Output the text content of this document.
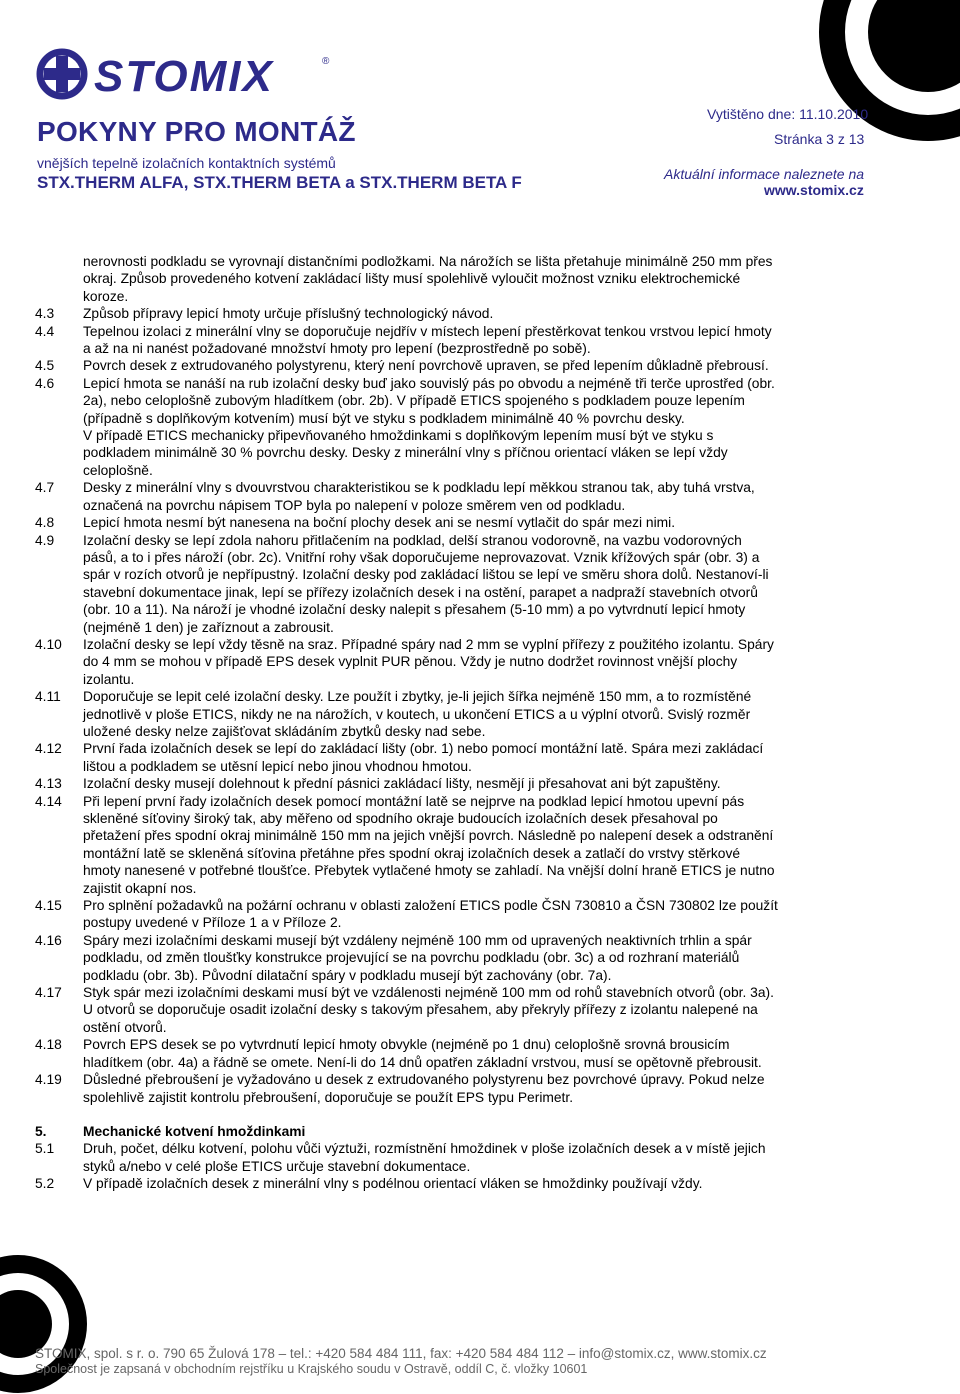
STOMIX	®
POKYNY PRO MONTÁŽ
vnějších tepelně izolačních kontaktních systémů
STX.THERM ALFA, STX.THERM BETA a STX.THERM BETA F
Vytištěno dne: 11.10.2010
Stránka 3 z 13
Aktuální informace naleznete na
www.stomix.cz
nerovnosti podkladu se vyrovnají distančními podložkami. Na nárožích se lišta přetahuje minimálně 250 mm přes
okraj. Způsob provedeného kotvení zakládací lišty musí spolehlivě vyloučit možnost vzniku elektrochemické
koroze.
4.3	Způsob přípravy lepicí hmoty určuje příslušný technologický návod.
4.4	Tepelnou izolaci z minerální vlny se doporučuje nejdřív v místech lepení přestěrkovat tenkou vrstvou lepicí hmoty
a až na ni nanést požadované množství hmoty pro lepení (bezprostředně po sobě).
4.5	Povrch desek z extrudovaného polystyrenu, který není povrchově upraven, se před lepením důkladně přebrousí.
4.6	Lepicí hmota se nanáší na rub izolační desky buď jako souvislý pás po obvodu a nejméně tři terče uprostřed (obr.
2a), nebo celoplošně zubovým hladítkem (obr. 2b). V případě ETICS spojeného s podkladem pouze lepením
(případně s doplňkovým kotvením) musí být ve styku s podkladem minimálně 40 % povrchu desky.
V případě ETICS mechanicky připevňovaného hmoždinkami s doplňkovým lepením musí být ve styku s
podkladem minimálně 30 % povrchu desky. Desky z minerální vlny s příčnou orientací vláken se lepí vždy
celoplošně.
4.7	Desky z minerální vlny s dvouvrstvou charakteristikou se k podkladu lepí měkkou stranou tak, aby tuhá vrstva,
označená na povrchu nápisem TOP byla po nalepení v poloze směrem ven od podkladu.
4.8	Lepicí hmota nesmí být nanesena na boční plochy desek ani se nesmí vytlačit do spár mezi nimi.
4.9	Izolační desky se lepí zdola nahoru přitlačením na podklad, delší stranou vodorovně, na vazbu vodorovných
pásů, a to i přes nároží (obr. 2c). Vnitřní rohy však doporučujeme neprovazovat. Vznik křížových spár (obr. 3) a
spár v rozích otvorů je nepřípustný. Izolační desky pod zakládací lištou se lepí ve směru shora dolů. Nestanoví-li
stavební dokumentace jinak, lepí se přířezy izolačních desek i na ostění, parapet a nadpraží stavebních otvorů
(obr. 10 a 11). Na nároží je vhodné izolační desky nalepit s přesahem (5-10 mm) a po vytvrdnutí lepicí hmoty
(nejméně 1 den) je zaříznout a zabrousit.
4.10	Izolační desky se lepí vždy těsně na sraz. Případné spáry nad 2 mm se vyplní přířezy z použitého izolantu. Spáry
do 4 mm se mohou v případě EPS desek vyplnit PUR pěnou. Vždy je nutno dodržet rovinnost vnější plochy
izolantu.
4.11	Doporučuje se lepit celé izolační desky. Lze použít i zbytky, je-li jejich šířka nejméně 150 mm, a to rozmístěné
jednotlivě v ploše ETICS, nikdy ne na nárožích, v koutech, u ukončení ETICS a u výplní otvorů. Svislý rozměr
uložené desky nelze zajišťovat skládáním zbytků desky nad sebe.
4.12	První řada izolačních desek se lepí do zakládací lišty (obr. 1) nebo pomocí montážní latě. Spára mezi zakládací
lištou a podkladem se utěsní lepicí nebo jinou vhodnou hmotou.
4.13	Izolační desky musejí dolehnout k přední pásnici zakládací lišty, nesmějí ji přesahovat ani být zapuštěny.
4.14	Při lepení první řady izolačních desek pomocí montážní latě se nejprve na podklad lepicí hmotou upevní pás
skleněné síťoviny široký tak, aby měřeno od spodního okraje budoucích izolačních desek přesahoval po
přetažení přes spodní okraj minimálně 150 mm na jejich vnější povrch. Následně po nalepení desek a odstranění
montážní latě se skleněná síťovina přetáhne přes spodní okraj izolačních desek a zatlačí do vrstvy stěrkové
hmoty nanesené v potřebné tloušťce. Přebytek vytlačené hmoty se zahladí. Na vnější dolní hraně ETICS je nutno
zajistit okapní nos.
4.15	Pro splnění požadavků na požární ochranu v oblasti založení ETICS podle ČSN 730810 a ČSN 730802 lze použít
postupy uvedené v Příloze 1 a v Příloze 2.
4.16	Spáry mezi izolačními deskami musejí být vzdáleny nejméně 100 mm od upravených neaktivních trhlin a spár
podkladu, od změn tloušťky konstrukce projevující se na povrchu podkladu (obr. 3c) a od rozhraní materiálů
podkladu (obr. 3b). Původní dilatační spáry v podkladu musejí být zachovány (obr. 7a).
4.17	Styk spár mezi izolačními deskami musí být ve vzdálenosti nejméně 100 mm od rohů stavebních otvorů (obr. 3a).
U otvorů se doporučuje osadit izolační desky s takovým přesahem, aby překryly přířezy z izolantu nalepené na
ostění otvorů.
4.18	Povrch EPS desek se po vytvrdnutí lepicí hmoty obvykle (nejméně po 1 dnu) celoplošně srovná brousicím
hladítkem (obr. 4a) a řádně se omete. Není-li do 14 dnů opatřen základní vrstvou, musí se opětovně přebrousit.
4.19	Důsledné přebroušení je vyžadováno u desek z extrudovaného polystyrenu bez povrchové úpravy. Pokud nelze
spolehlivě zajistit kontrolu přebroušení, doporučuje se použít EPS typu Perimetr.
5.	Mechanické kotvení hmoždinkami
5.1	Druh, počet, délku kotvení, polohu vůči výztuži, rozmístnění hmoždinek v ploše izolačních desek a v místě jejich
styků a/nebo v celé ploše ETICS určuje stavební dokumentace.
5.2	V případě izolačních desek z minerální vlny s podélnou orientací vláken se hmoždinky používají vždy.
STOMIX, spol. s r. o. 790 65 Žulová 178 – tel.: +420 584 484 111, fax: +420 584 484 112 – info@stomix.cz, www.stomix.cz
Společnost je zapsaná v obchodním rejstříku u Krajského soudu v Ostravě, oddíl C, č. vložky 10601
